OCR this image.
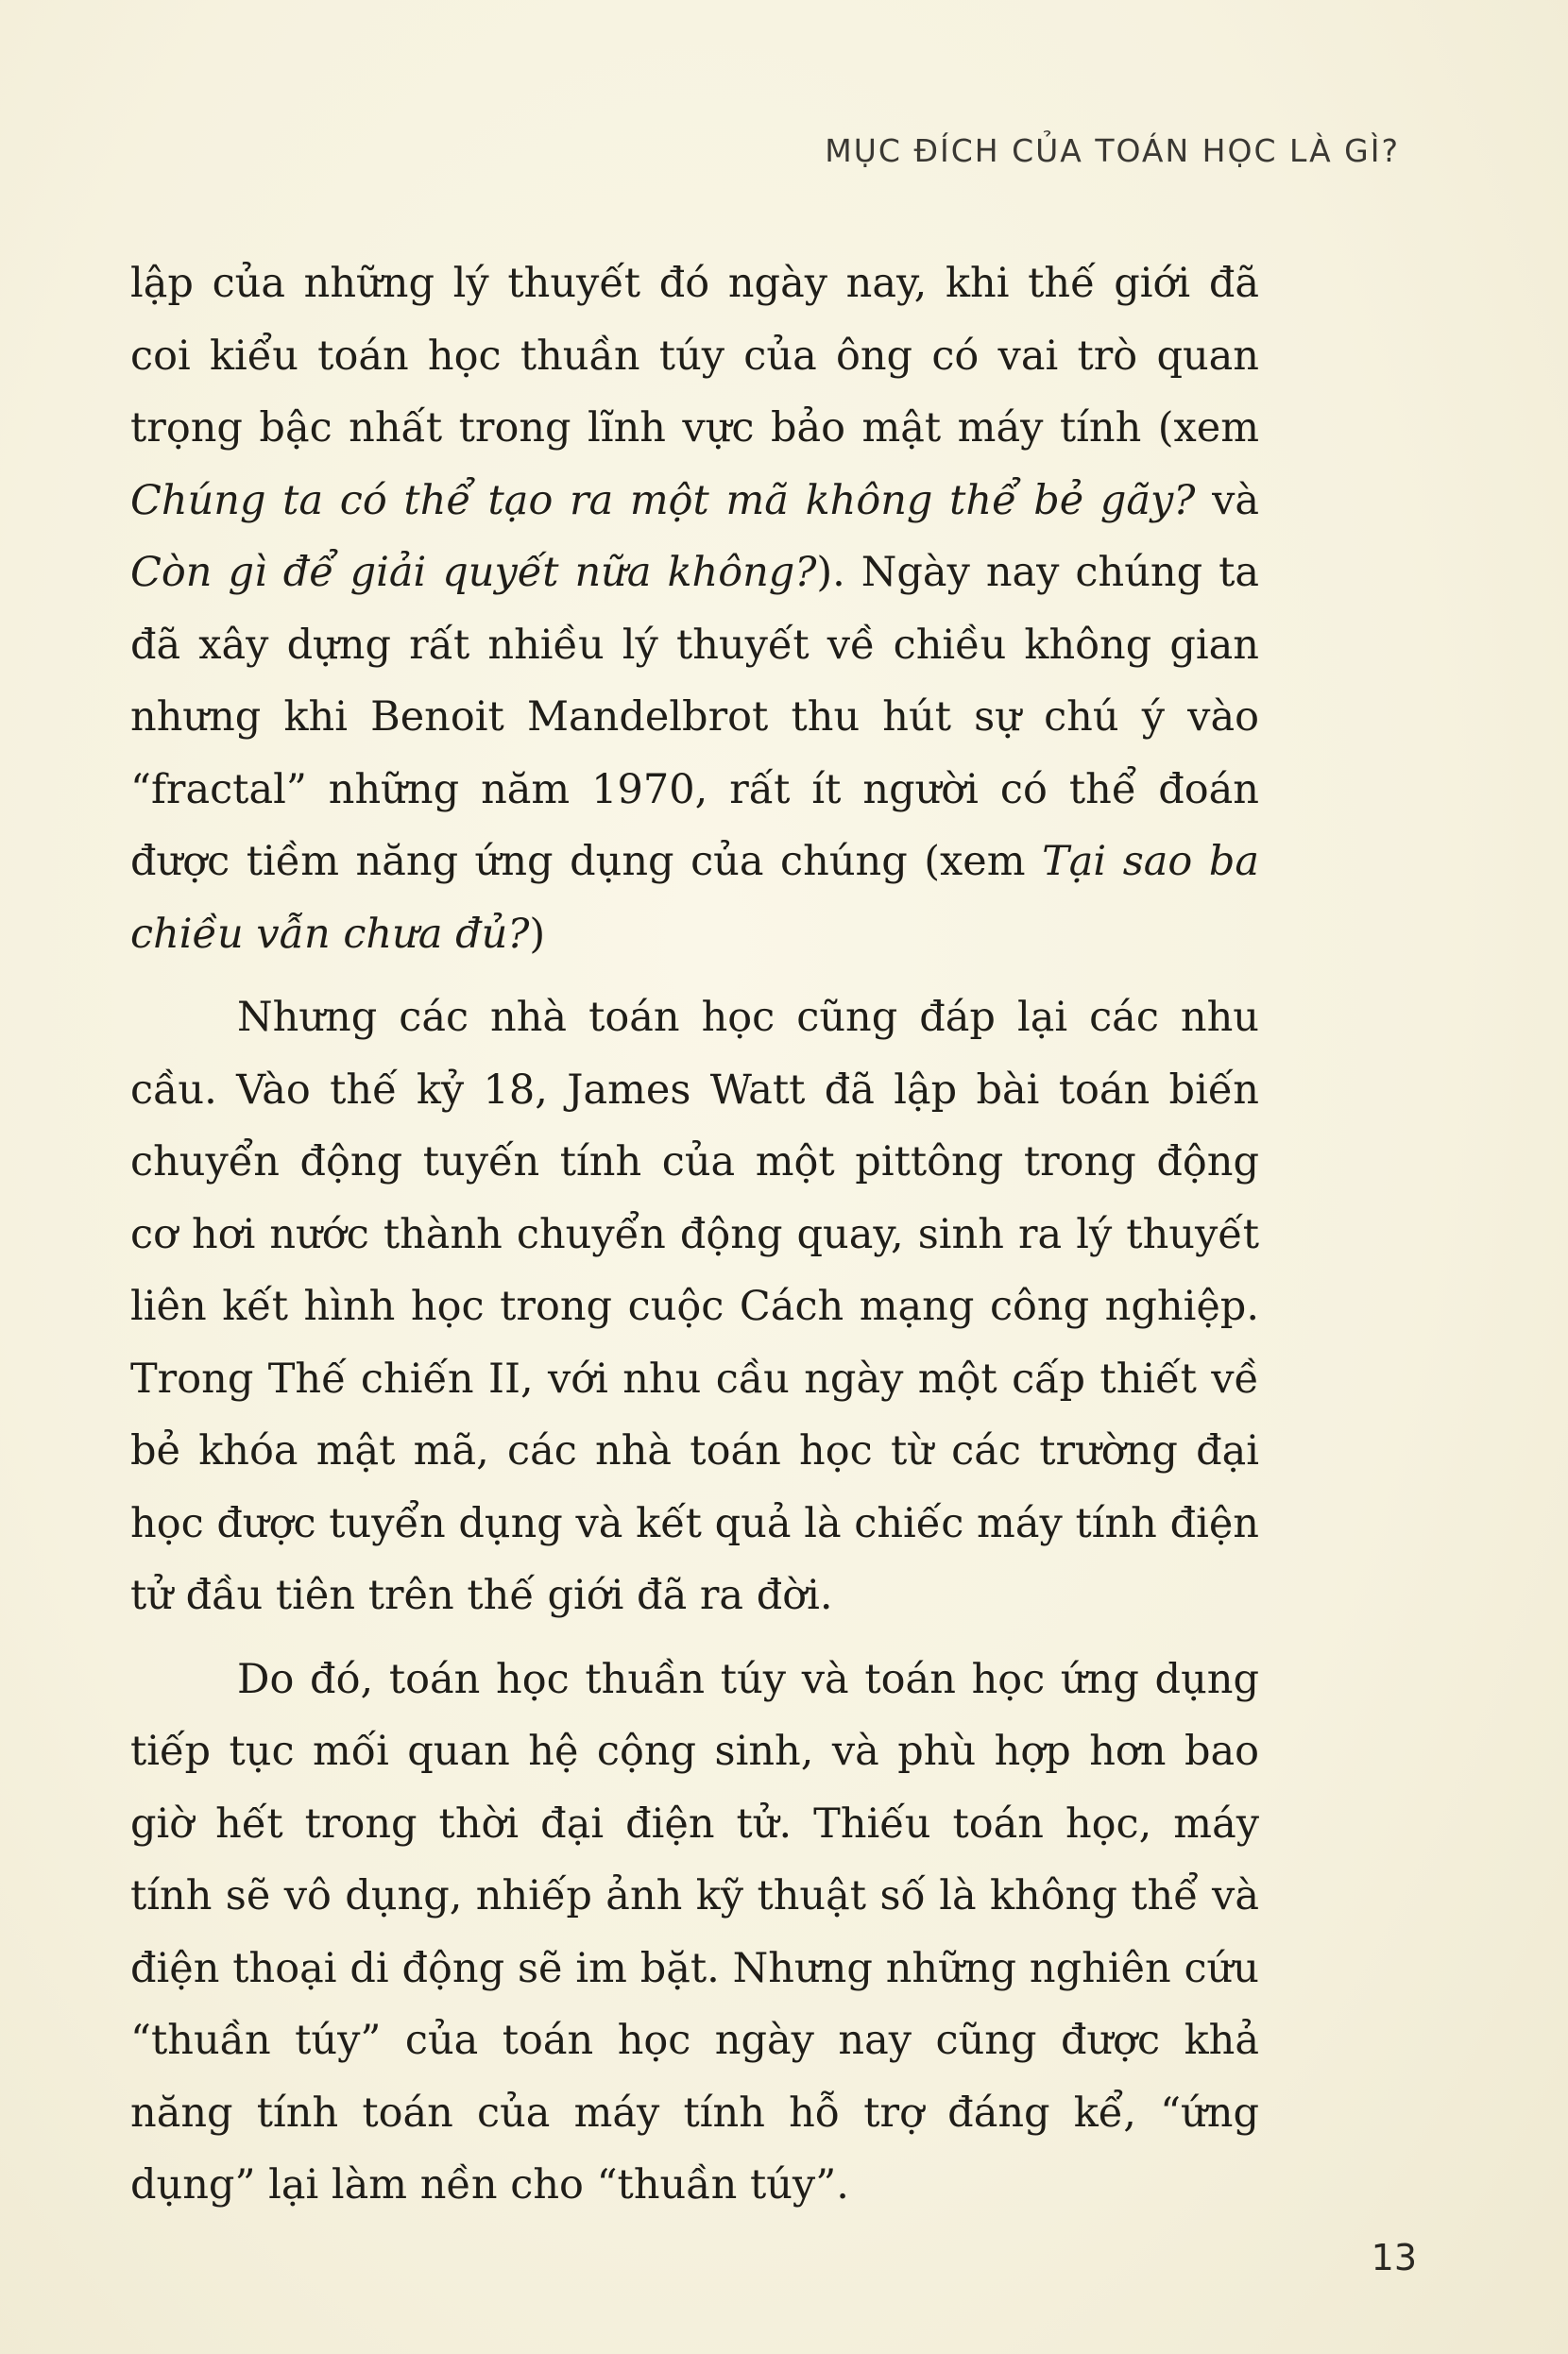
MỤC ĐÍCH CỦA TOÁN HỌC LÀ GÌ?

lập của những lý thuyết đó ngày nay, khi thế giới đã coi kiểu toán học thuần túy của ông có vai trò quan trọng bậc nhất trong lĩnh vực bảo mật máy tính (xem Chúng ta có thể tạo ra một mã không thể bẻ gãy? và Còn gì để giải quyết nữa không?). Ngày nay chúng ta đã xây dựng rất nhiều lý thuyết về chiều không gian nhưng khi Benoit Mandelbrot thu hút sự chú ý vào “fractal” những năm 1970, rất ít người có thể đoán được tiềm năng ứng dụng của chúng (xem Tại sao ba chiều vẫn chưa đủ?)

Nhưng các nhà toán học cũng đáp lại các nhu cầu. Vào thế kỷ 18, James Watt đã lập bài toán biến chuyển động tuyến tính của một pittông trong động cơ hơi nước thành chuyển động quay, sinh ra lý thuyết liên kết hình học trong cuộc Cách mạng công nghiệp. Trong Thế chiến II, với nhu cầu ngày một cấp thiết về bẻ khóa mật mã, các nhà toán học từ các trường đại học được tuyển dụng và kết quả là chiếc máy tính điện tử đầu tiên trên thế giới đã ra đời.

Do đó, toán học thuần túy và toán học ứng dụng tiếp tục mối quan hệ cộng sinh, và phù hợp hơn bao giờ hết trong thời đại điện tử. Thiếu toán học, máy tính sẽ vô dụng, nhiếp ảnh kỹ thuật số là không thể và điện thoại di động sẽ im bặt. Nhưng những nghiên cứu “thuần túy” của toán học ngày nay cũng được khả năng tính toán của máy tính hỗ trợ đáng kể, “ứng dụng” lại làm nền cho “thuần túy”.

13
